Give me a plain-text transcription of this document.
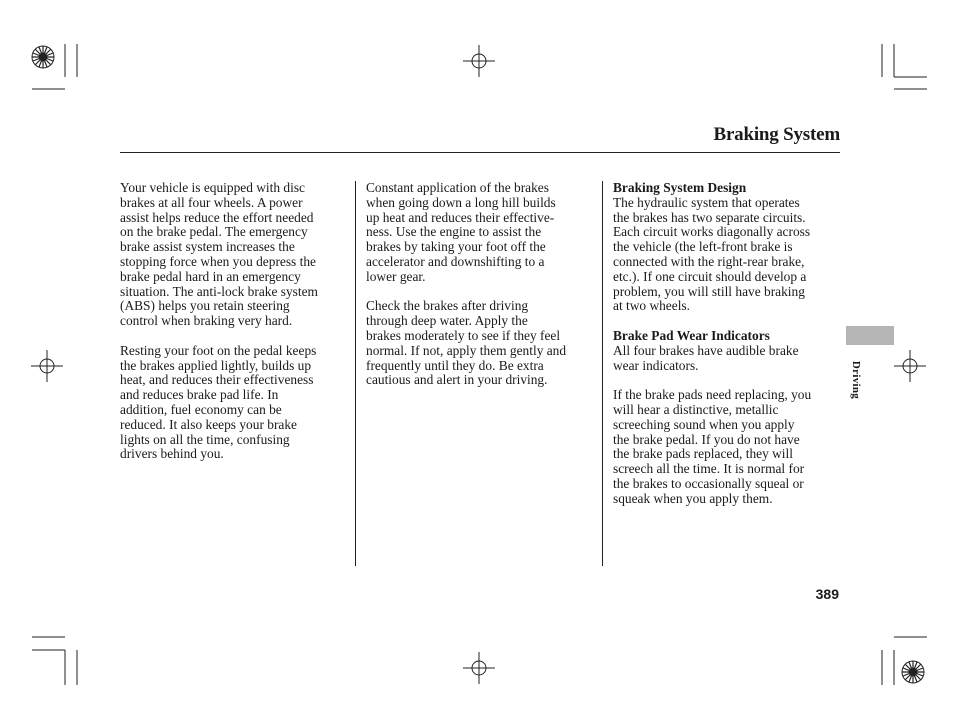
Braking System

Your vehicle is equipped with disc
brakes at all four wheels. A power
assist helps reduce the effort needed
on the brake pedal. The emergency
brake assist system increases the
stopping force when you depress the
brake pedal hard in an emergency
situation. The anti-lock brake system
(ABS) helps you retain steering
control when braking very hard.

Resting your foot on the pedal keeps
the brakes applied lightly, builds up
heat, and reduces their effectiveness
and reduces brake pad life. In
addition, fuel economy can be
reduced. It also keeps your brake
lights on all the time, confusing
drivers behind you.

Constant application of the brakes
when going down a long hill builds
up heat and reduces their effective-
ness. Use the engine to assist the
brakes by taking your foot off the
accelerator and downshifting to a
lower gear.

Check the brakes after driving
through deep water. Apply the
brakes moderately to see if they feel
normal. If not, apply them gently and
frequently until they do. Be extra
cautious and alert in your driving.

Braking System Design

The hydraulic system that operates
the brakes has two separate circuits.
Each circuit works diagonally across
the vehicle (the left-front brake is
connected with the right-rear brake,
etc.). If one circuit should develop a
problem, you will still have braking
at two wheels.

Brake Pad Wear Indicators

All four brakes have audible brake
wear indicators.

If the brake pads need replacing, you
will hear a distinctive, metallic
screeching sound when you apply
the brake pedal. If you do not have
the brake pads replaced, they will
screech all the time. It is normal for
the brakes to occasionally squeal or
squeak when you apply them.

Driving
389
